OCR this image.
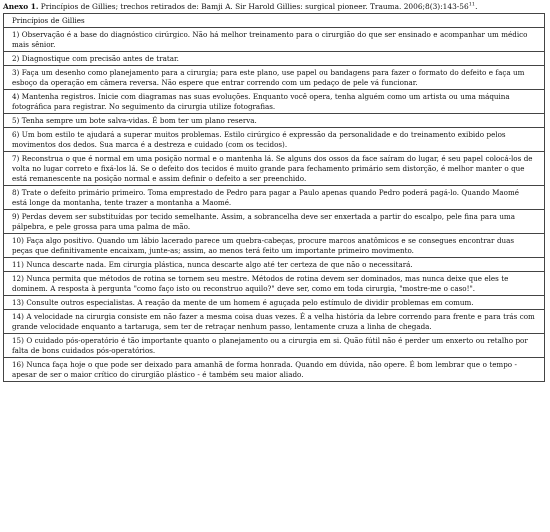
Anexo 1. Princípios de Gillies; trechos retirados de: Bamji A. Sir Harold Gillies: surgical pioneer. Trauma. $2006;8(3):143-56^{11}$.
Princípios de Gillies
1) Observação é a base do diagnóstico cirúrgico. Não há melhor treinamento para o cirurgião do que ser ensinado e acompanhar um médico mais sênior.
2) Diagnostique com precisão antes de tratar.
3) Faça um desenho como planejamento para a cirurgia; para este plano, use papel ou bandagens para fazer o formato do defeito e faça um esboço da operação em câmera reversa. Não espere que entrar correndo com um pedaço de pele vá funcionar.
4) Mantenha registros. Inicie com diagramas nas suas evoluções. Enquanto você opera, tenha alguém como um artista ou uma máquina fotográfica para registrar. No seguimento da cirurgia utilize fotografias.
5) Tenha sempre um bote salva-vidas. É bom ter um plano reserva.
6) Um bom estilo te ajudará a superar muitos problemas. Estilo cirúrgico é expressão da personalidade e do treinamento exibido pelos movimentos dos dedos. Sua marca é a destreza e cuidado (com os tecidos).
7) Reconstrua o que é normal em uma posição normal e o mantenha lá. Se alguns dos ossos da face saíram do lugar, é seu papel colocá-los de volta no lugar correto e fixá-los lá. Se o defeito dos tecidos é muito grande para fechamento primário sem distorção, é melhor manter o que está remanescente na posição normal e assim definir o defeito a ser preenchido.
8) Trate o defeito primário primeiro. Toma emprestado de Pedro para pagar a Paulo apenas quando Pedro poderá pagá-lo. Quando Maomé está longe da montanha, tente trazer a montanha a Maomé.
9) Perdas devem ser substituídas por tecido semelhante. Assim, a sobrancelha deve ser enxertada a partir do escalpo, pele fina para uma pálpebra, e pele grossa para uma palma de mão.
10) Faça algo positivo. Quando um lábio lacerado parece um quebra-cabeças, procure marcos anatômicos e se consegues encontrar duas peças que definitivamente encaixam, junte-as; assim, ao menos terá feito um importante primeiro movimento.
11) Nunca descarte nada. Em cirurgia plástica, nunca descarte algo até ter certeza de que não o necessitará.
12) Nunca permita que métodos de rotina se tornem seu mestre. Métodos de rotina devem ser dominados, mas nunca deixe que eles te dominem. A resposta à pergunta "como faço isto ou reconstruo aquilo?" deve ser, como em toda cirurgia, "mostre-me o caso!".
13) Consulte outros especialistas. A reação da mente de um homem é aguçada pelo estímulo de dividir problemas em comum.
14) A velocidade na cirurgia consiste em não fazer a mesma coisa duas vezes. É a velha história da lebre correndo para frente e para trás com grande velocidade enquanto a tartaruga, sem ter de retraçar nenhum passo, lentamente cruza a linha de chegada.
15) O cuidado pós-operatório é tão importante quanto o planejamento ou a cirurgia em si. Quão fútil não é perder um enxerto ou retalho por falta de bons cuidados pós-operatórios.
16) Nunca faça hoje o que pode ser deixado para amanhã de forma honrada. Quando em dúvida, não opere. É bom lembrar que o tempo - apesar de ser o maior crítico do cirurgião plástico - é também seu maior aliado.
